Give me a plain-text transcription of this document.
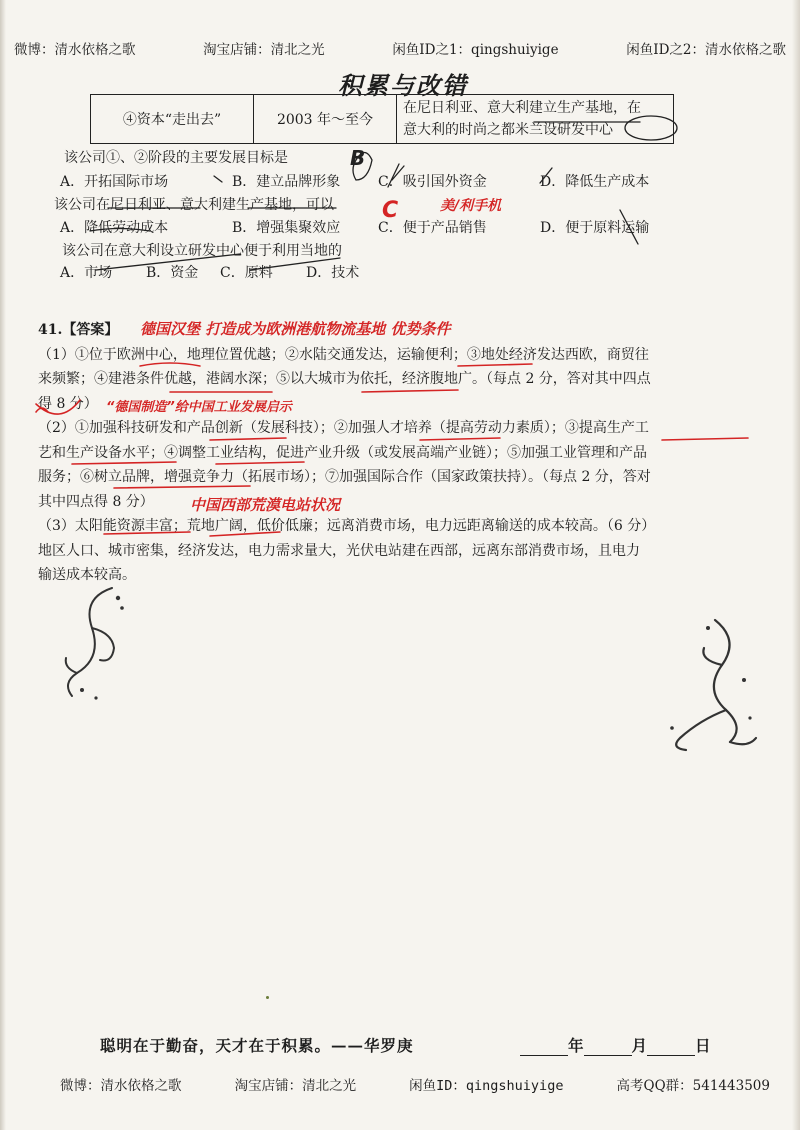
微博：清水依格之歌	淘宝店铺：清北之光	闲鱼ID之1：qingshuiyige	闲鱼ID之2：清水依格之歌
积累与改错
④资本“走出去”	2003 年～至今	
在尼日利亚、意大利建立生产基地，在
意大利的时尚之都米兰设研发中心
该公司①、②阶段的主要发展目标是
A．开拓国际市场	B．建立品牌形象	C．吸引国外资金	D．降低生产成本
该公司在尼日利亚、意大利建生产基地，可以
A．降低劳动成本	B．增强集聚效应	C．便于产品销售	D．便于原料运输
该公司在意大利设立研发中心便于利用当地的
A．市场 B．资金 C．原料 D．技术
B
C	美/利手机
德国汉堡 打造成为欧洲港航物流基地 优势条件

41.【答案】

（1）①位于欧洲中心，地理位置优越；②水陆交通发达，运输便利；③地处经济发达西欧，商贸往

来频繁；④建港条件优越，港阔水深；⑤以大城市为依托，经济腹地广。（每点 2 分，答对其中四点

得 8 分）

（2）①加强科技研发和产品创新（发展科技）；②加强人才培养（提高劳动力素质）；③提高生产工

艺和生产设备水平；④调整工业结构，促进产业升级（或发展高端产业链）；⑤加强工业管理和产品

服务；⑥树立品牌，增强竞争力（拓展市场）；⑦加强国际合作（国家政策扶持）。（每点 2 分，答对

其中四点得 8 分）

（3）太阳能资源丰富；荒地广阔，低价低廉；远离消费市场，电力远距离输送的成本较高。（6 分）

地区人口、城市密集，经济发达，电力需求量大，光伏电站建在西部，远离东部消费市场，且电力

输送成本较高。

“德国制造”给中国工业发展启示
中国西部荒漠电站状况
聪明在于勤奋，天才在于积累。——华罗庚	年	月	日
微博：清水依格之歌	淘宝店铺：清北之光	闲鱼ID：qingshuiyige	高考QQ群：541443509
